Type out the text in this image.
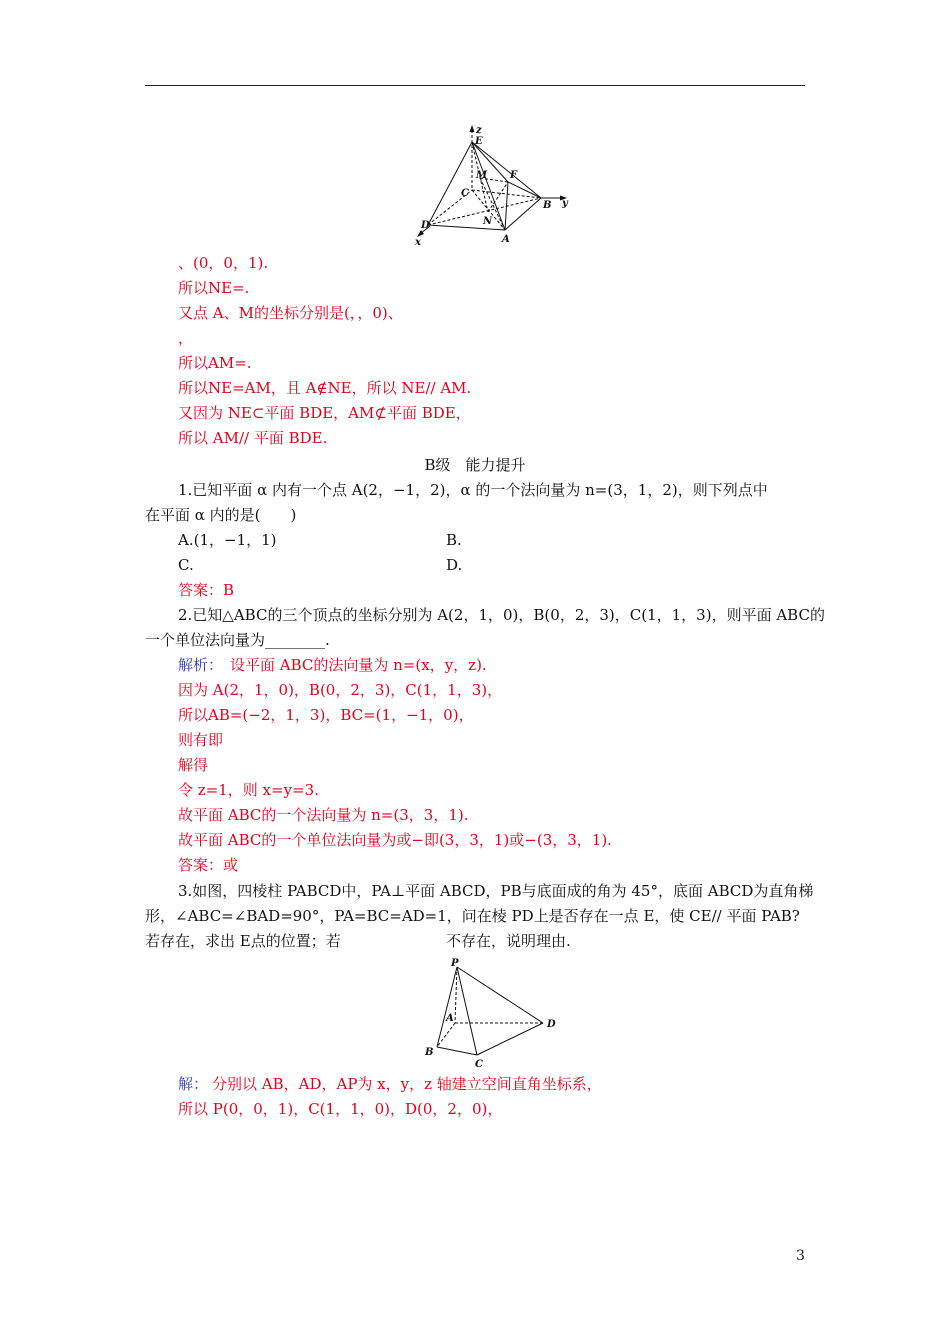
z
E
M F
C
B y
D	N
A
x
、(0，0，1).
所以NE=.
又点 A、M的坐标分别是(，，0)、
，
所以AM=.
所以NE=AM，且 A∉NE，所以 NE// AM.
又因为 NE⊂平面 BDE，AM⊄平面 BDE，
所以 AM// 平面 BDE.
B级　能力提升
1.已知平面 α 内有一个点 A(2，−1，2)，α 的一个法向量为 n=(3，1，2)，则下列点中
在平面 α 内的是(　　)
A.(1，−1，1)	B.
C.	D.
答案：B
2.已知△ABC的三个顶点的坐标分别为 A(2，1，0)，B(0，2，3)，C(1，1，3)，则平面 ABC的
一个单位法向量为________.
解析： 设平面 ABC的法向量为 n=(x，y，z).
因为 A(2，1，0)，B(0，2，3)，C(1，1，3)，
所以AB=(−2，1，3)，BC=(1，−1，0)，
则有即
解得
令 z=1，则 x=y=3.
故平面 ABC的一个法向量为 n=(3，3，1).
故平面 ABC的一个单位法向量为或−即(3，3，1)或−(3，3，1).
答案：或
3.如图，四棱柱 PABCD中，PA⊥平面 ABCD，PB与底面成的角为 45°，底面 ABCD为直角梯
形，∠ABC=∠BAD=90°，PA=BC=AD=1，问在棱 PD上是否存在一点 E，使 CE// 平面 PAB?
若存在，求出 E点的位置；若	不存在，说明理由.
P
A
D
B
C
解： 分别以 AB，AD，AP为 x，y，z 轴建立空间直角坐标系，
所以 P(0，0，1)，C(1，1，0)，D(0，2，0)，
3
